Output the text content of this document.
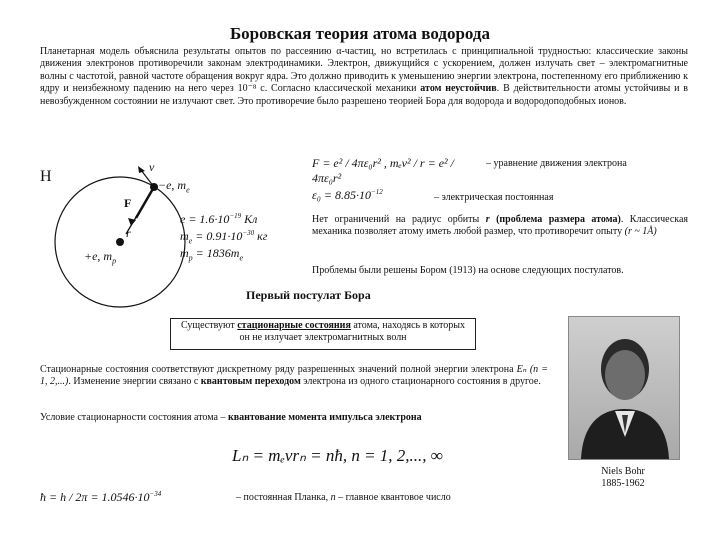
Боровская теория атома водорода
Планетарная модель объяснила результаты опытов по рассеянию α-частиц, но встретилась с принципиальной трудностью: классические законы движения электронов противоречили законам электродинамики. Электрон, движущийся с ускорением, должен излучать свет – электромагнитные волны с частотой, равной частоте обращения вокруг ядра. Это должно приводить к уменьшению энергии электрона, постепенному его приближению к ядру и неизбежному падению на него через 10⁻⁸ с. Согласно классической механики атом неустойчив. В действительности атомы устойчивы и в невозбужденном состоянии не излучают свет. Это противоречие было разрешено теорией Бора для водорода и водородоподобных ионов.
H
v
−e, $m_e$
F
r
+e, $m_p$
$e = 1.6\cdot 10^{-19}$ Кл
$m_e = 0.91\cdot 10^{-30}$ кг
$m_p = 1836m_e$
F = e² / 4πε₀r² , mₑv² / r = e² / 4πε₀r²
– уравнение движения электрона
$\varepsilon_0 = 8.85\cdot 10^{-12}$	– электрическая постоянная
Нет ограничений на радиус орбиты r (проблема размера атома). Классическая механика позволяет атому иметь любой размер, что противоречит опыту (r ~ 1Å)
Проблемы были решены Бором (1913) на основе следующих постулатов.
Первый постулат Бора
Существуют стационарные состояния атома, находясь в которых он не излучает электромагнитных волн
Стационарные состояния соответствуют дискретному ряду разрешенных значений полной энергии электрона Eₙ (n = 1, 2,...). Изменение энергии связано с квантовым переходом электрона из одного стационарного состояния в другое.
Условие стационарности состояния атома – квантование момента импульса электрона
Lₙ = mₑvrₙ = nħ, n = 1, 2,..., ∞
ħ = $h / 2\pi = 1.0546\cdot 10^{-34}$	– постоянная Планка, n – главное квантовое число
Niels Bohr
1885-1962
